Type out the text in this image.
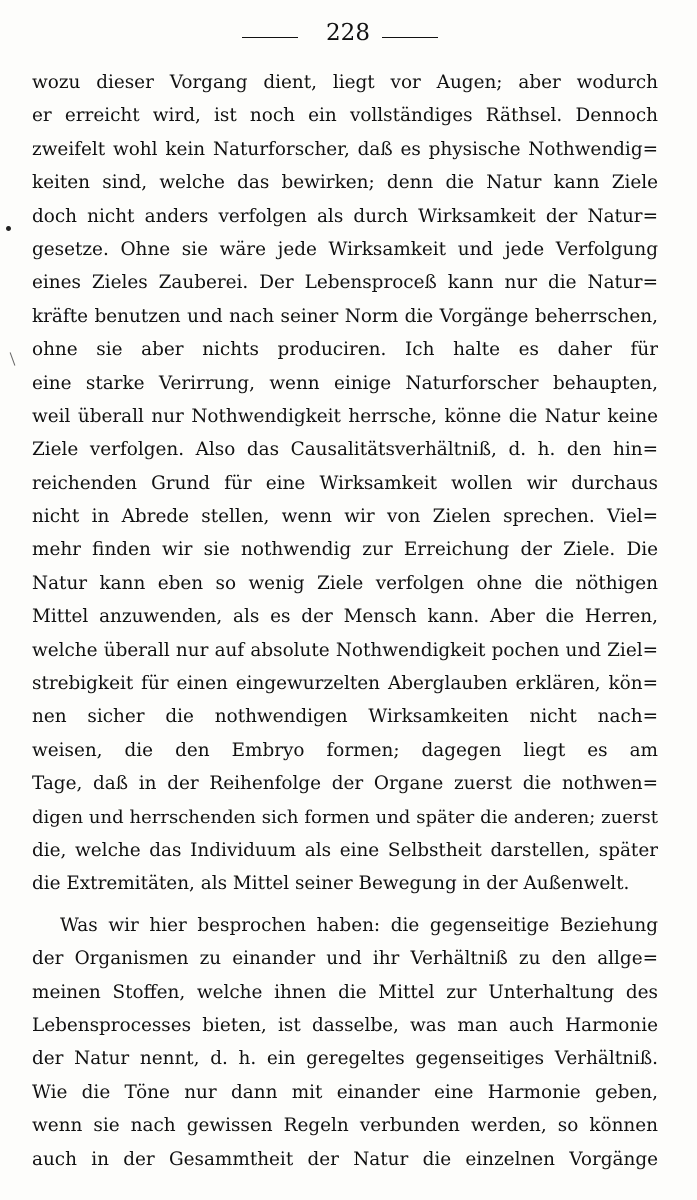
228
wozu dieser Vorgang dient, liegt vor Augen; aber wodurch
er erreicht wird, ist noch ein vollständiges Räthsel. Dennoch
zweifelt wohl kein Naturforscher, daß es physische Nothwendig=
keiten sind, welche das bewirken; denn die Natur kann Ziele
doch nicht anders verfolgen als durch Wirksamkeit der Natur=
gesetze. Ohne sie wäre jede Wirksamkeit und jede Verfolgung
eines Zieles Zauberei. Der Lebensproceß kann nur die Natur=
kräfte benutzen und nach seiner Norm die Vorgänge beherrschen,
ohne sie aber nichts produciren. Ich halte es daher für
eine starke Verirrung, wenn einige Naturforscher behaupten,
weil überall nur Nothwendigkeit herrsche, könne die Natur keine
Ziele verfolgen. Also das Causalitätsverhältniß, d. h. den hin=
reichenden Grund für eine Wirksamkeit wollen wir durchaus
nicht in Abrede stellen, wenn wir von Zielen sprechen. Viel=
mehr finden wir sie nothwendig zur Erreichung der Ziele. Die
Natur kann eben so wenig Ziele verfolgen ohne die nöthigen
Mittel anzuwenden, als es der Mensch kann. Aber die Herren,
welche überall nur auf absolute Nothwendigkeit pochen und Ziel=
strebigkeit für einen eingewurzelten Aberglauben erklären, kön=
nen sicher die nothwendigen Wirksamkeiten nicht nach=
weisen, die den Embryo formen; dagegen liegt es am
Tage, daß in der Reihenfolge der Organe zuerst die nothwen=
digen und herrschenden sich formen und später die anderen; zuerst
die, welche das Individuum als eine Selbstheit darstellen, später
die Extremitäten, als Mittel seiner Bewegung in der Außenwelt.
Was wir hier besprochen haben: die gegenseitige Beziehung
der Organismen zu einander und ihr Verhältniß zu den allge=
meinen Stoffen, welche ihnen die Mittel zur Unterhaltung des
Lebensprocesses bieten, ist dasselbe, was man auch Harmonie
der Natur nennt, d. h. ein geregeltes gegenseitiges Verhältniß.
Wie die Töne nur dann mit einander eine Harmonie geben,
wenn sie nach gewissen Regeln verbunden werden, so können
auch in der Gesammtheit der Natur die einzelnen Vorgänge
